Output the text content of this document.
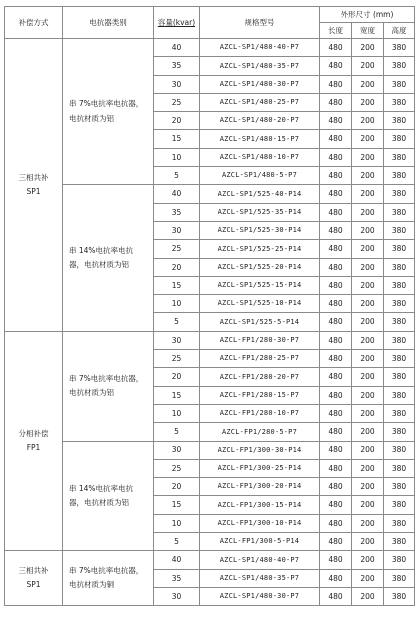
补偿方式	电抗器类别	容量(kvar)	规格型号	外形尺寸 (mm)		
				长度	宽度	高度
三相共补 SP1	串 7%电抗率电抗器，电抗材质为铝	40	AZCL-SP1/480-40-P7	480	200	380
		35	AZCL-SP1/480-35-P7	480	200	380
		30	AZCL-SP1/480-30-P7	480	200	380
		25	AZCL-SP1/480-25-P7	480	200	380
		20	AZCL-SP1/480-20-P7	480	200	380
		15	AZCL-SP1/480-15-P7	480	200	380
		10	AZCL-SP1/480-10-P7	480	200	380
		5	AZCL-SP1/480-5-P7	480	200	380
	串 14%电抗率电抗器，电抗材质为铝	40	AZCL-SP1/525-40-P14	480	200	380
		35	AZCL-SP1/525-35-P14	480	200	380
		30	AZCL-SP1/525-30-P14	480	200	380
		25	AZCL-SP1/525-25-P14	480	200	380
		20	AZCL-SP1/525-20-P14	480	200	380
		15	AZCL-SP1/525-15-P14	480	200	380
		10	AZCL-SP1/525-10-P14	480	200	380
		5	AZCL-SP1/525-5-P14	480	200	380
分相补偿 FP1	串 7%电抗率电抗器，电抗材质为铝	30	AZCL-FP1/280-30-P7	480	200	380
		25	AZCL-FP1/280-25-P7	480	200	380
		20	AZCL-FP1/280-20-P7	480	200	380
		15	AZCL-FP1/280-15-P7	480	200	380
		10	AZCL-FP1/280-10-P7	480	200	380
		5	AZCL-FP1/280-5-P7	480	200	380
	串 14%电抗率电抗器，电抗材质为铝	30	AZCL-FP1/300-30-P14	480	200	380
		25	AZCL-FP1/300-25-P14	480	200	380
		20	AZCL-FP1/300-20-P14	480	200	380
		15	AZCL-FP1/300-15-P14	480	200	380
		10	AZCL-FP1/300-10-P14	480	200	380
		5	AZCL-FP1/300-5-P14	480	200	380
三相共补 SP1	串 7%电抗率电抗器，电抗材质为铜	40	AZCL-SP1/480-40-P7	480	200	380
		35	AZCL-SP1/480-35-P7	480	200	380
		30	AZCL-SP1/480-30-P7	480	200	380
